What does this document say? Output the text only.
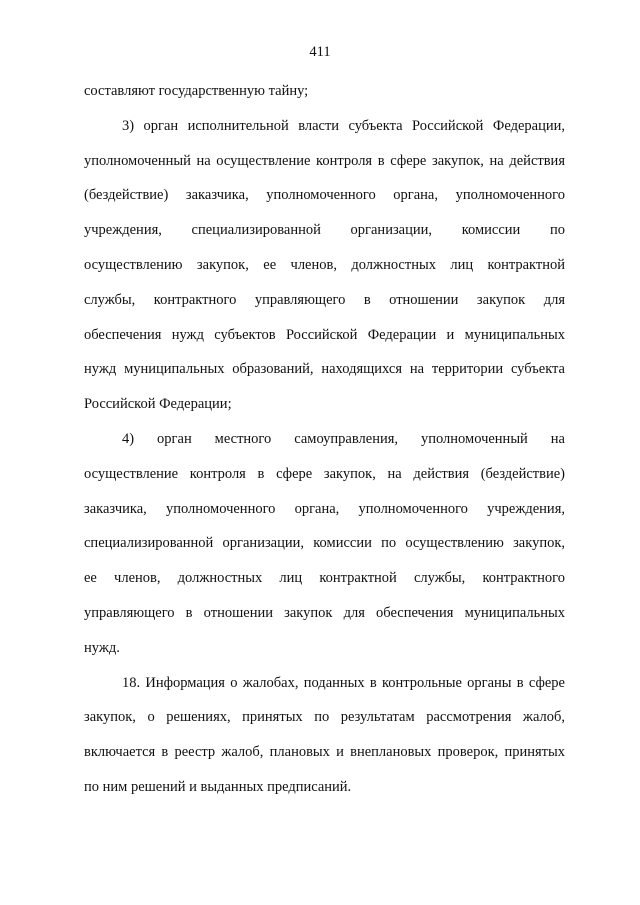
411
составляют государственную тайну;
3) орган исполнительной власти субъекта Российской Федерации,
уполномоченный на осуществление контроля в сфере закупок, на действия
(бездействие) заказчика, уполномоченного органа, уполномоченного
учреждения, специализированной организации, комиссии по
осуществлению закупок, ее членов, должностных лиц контрактной
службы, контрактного управляющего в отношении закупок для
обеспечения нужд субъектов Российской Федерации и муниципальных
нужд муниципальных образований, находящихся на территории субъекта
Российской Федерации;
4) орган местного самоуправления, уполномоченный на
осуществление контроля в сфере закупок, на действия (бездействие)
заказчика, уполномоченного органа, уполномоченного учреждения,
специализированной организации, комиссии по осуществлению закупок,
ее членов, должностных лиц контрактной службы, контрактного
управляющего в отношении закупок для обеспечения муниципальных
нужд.
18. Информация о жалобах, поданных в контрольные органы в сфере
закупок, о решениях, принятых по результатам рассмотрения жалоб,
включается в реестр жалоб, плановых и внеплановых проверок, принятых
по ним решений и выданных предписаний.
